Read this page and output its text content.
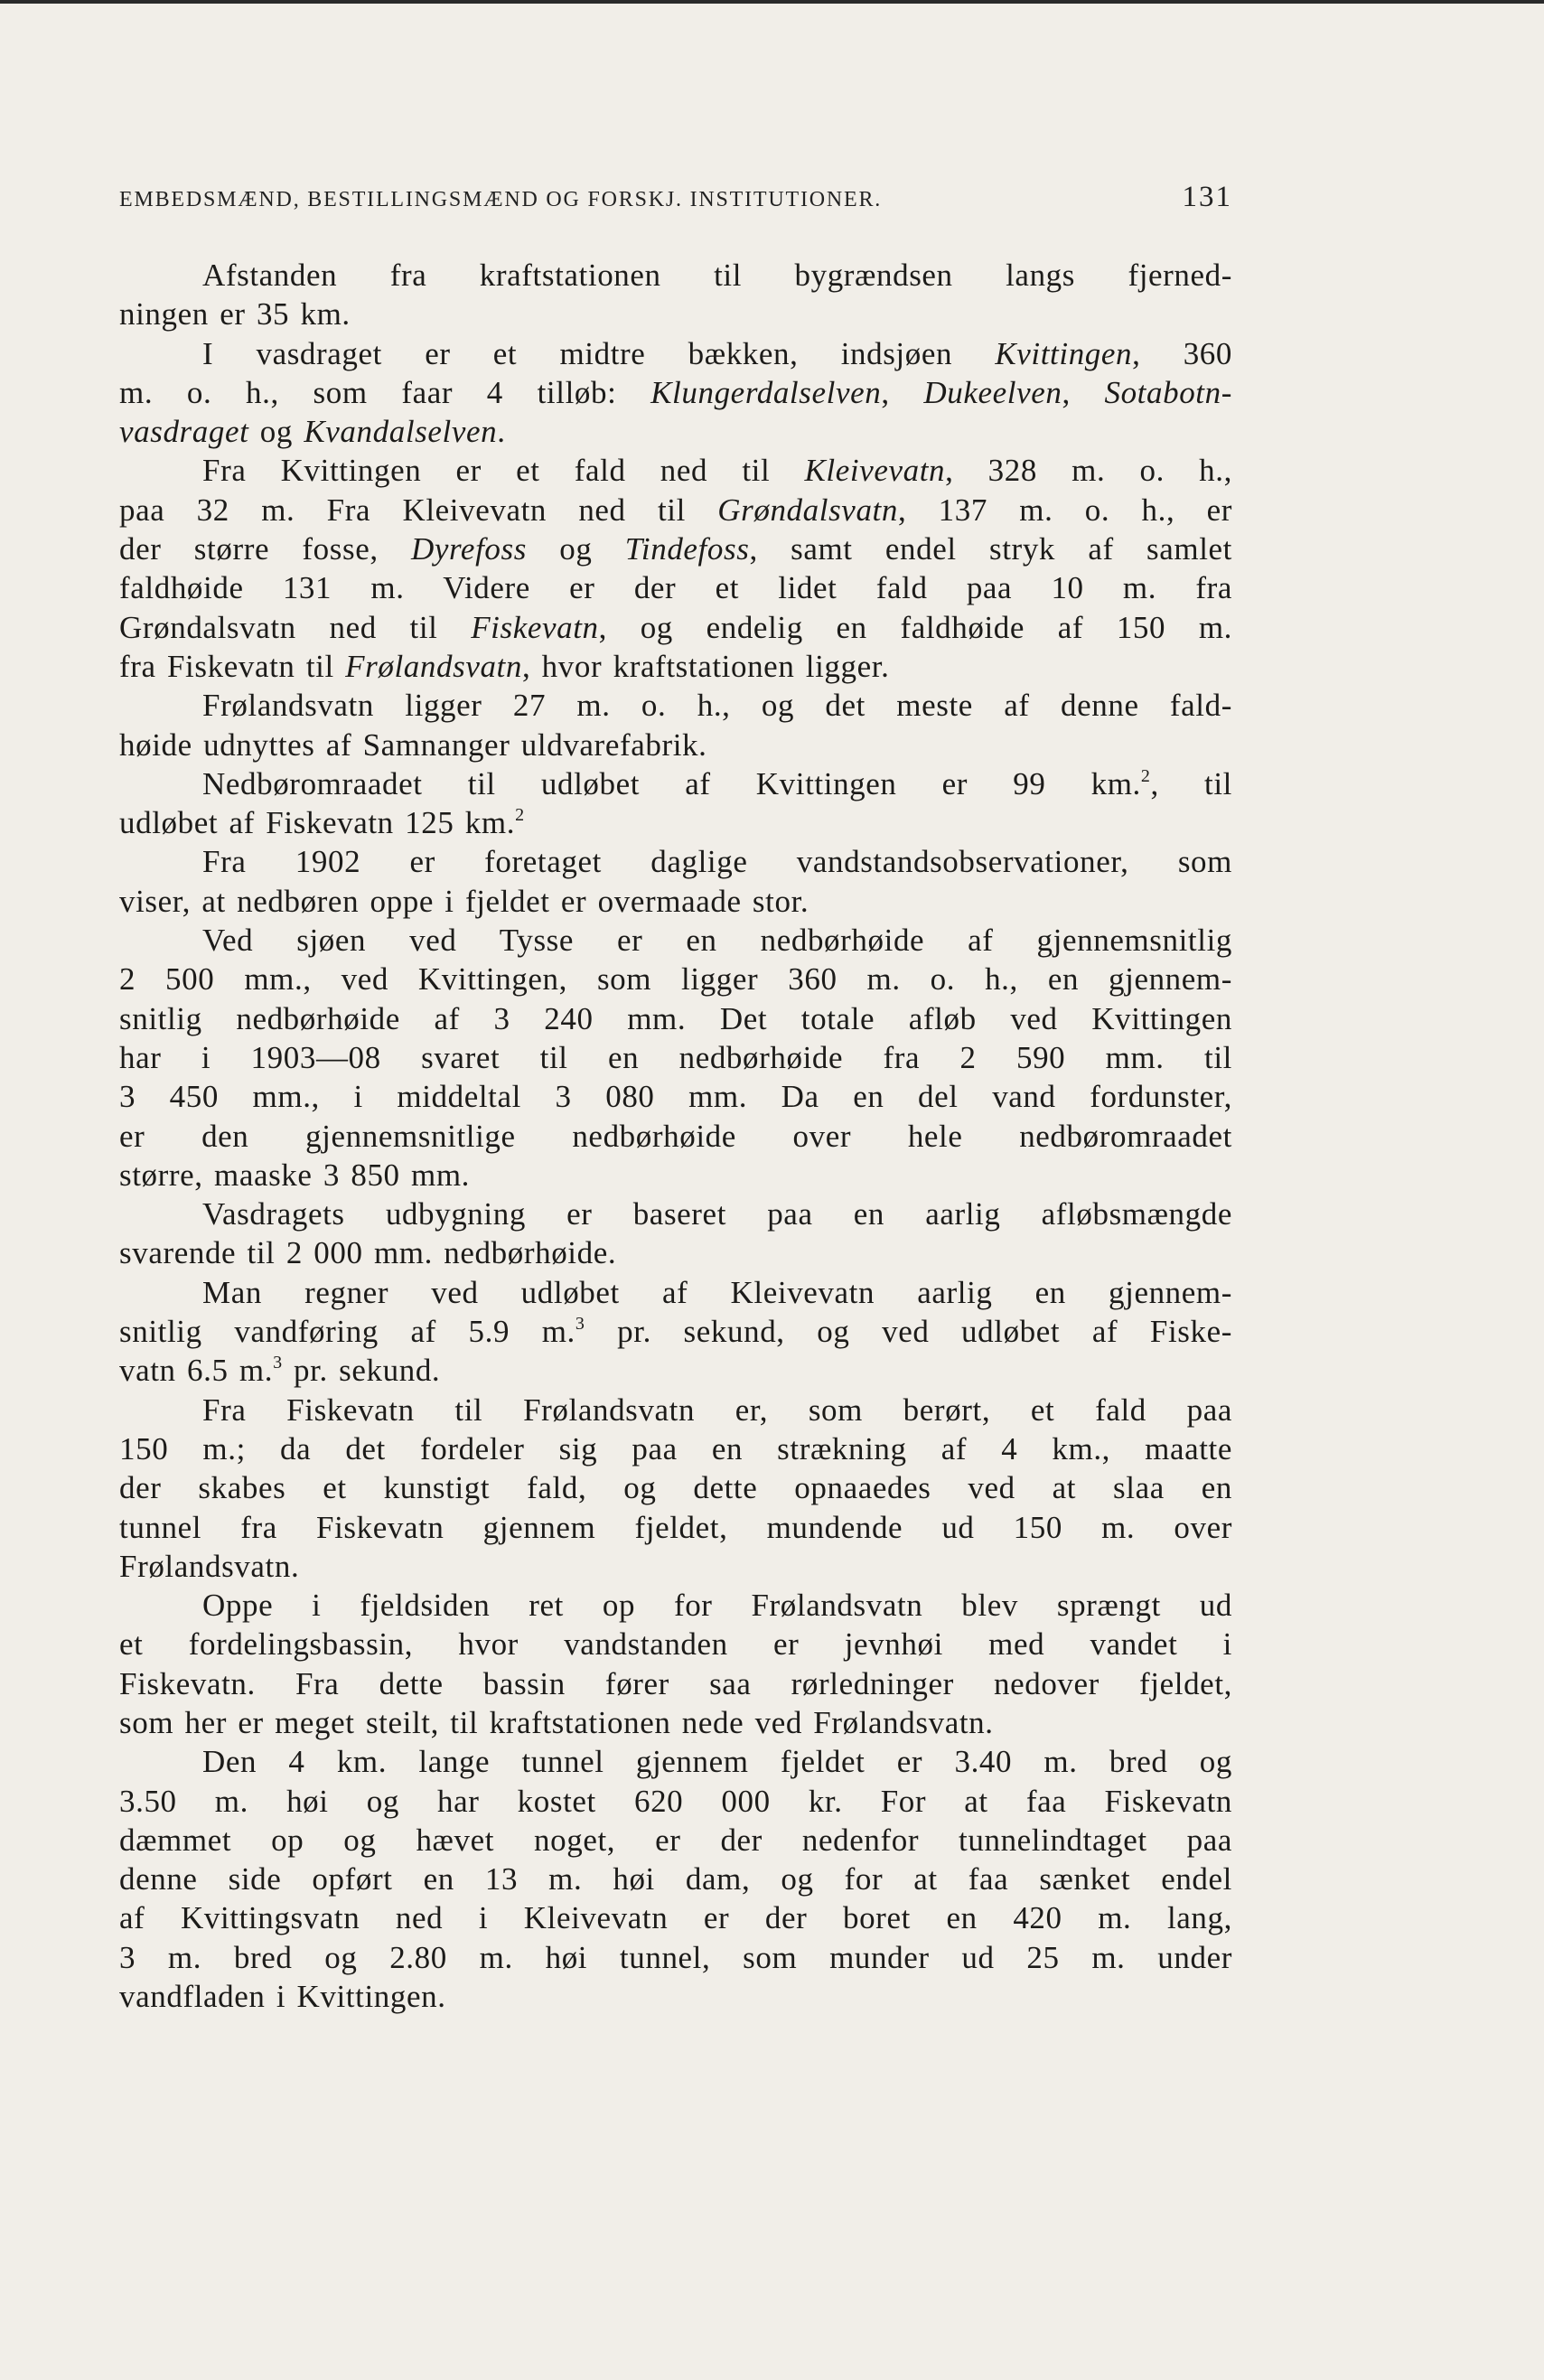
EMBEDSMÆND, BESTILLINGSMÆND OG FORSKJ. INSTITUTIONER.	131

Afstanden fra kraftstationen til bygrændsen langs fjerned-
ningen er 35 km.

I vasdraget er et midtre bækken, indsjøen Kvittingen, 360
m. o. h., som faar 4 tilløb: Klungerdalselven, Dukeelven, Sotabotn-
vasdraget og Kvandalselven.

Fra Kvittingen er et fald ned til Kleivevatn, 328 m. o. h.,
paa 32 m. Fra Kleivevatn ned til Grøndalsvatn, 137 m. o. h., er
der større fosse, Dyrefoss og Tindefoss, samt endel stryk af samlet
faldhøide 131 m. Videre er der et lidet fald paa 10 m. fra
Grøndalsvatn ned til Fiskevatn, og endelig en faldhøide af 150 m.
fra Fiskevatn til Frølandsvatn, hvor kraftstationen ligger.

Frølandsvatn ligger 27 m. o. h., og det meste af denne fald-
høide udnyttes af Samnanger uldvarefabrik.

Nedbøromraadet til udløbet af Kvittingen er 99 km.$^2$, til
udløbet af Fiskevatn 125 km.$^2$

Fra 1902 er foretaget daglige vandstandsobservationer, som
viser, at nedbøren oppe i fjeldet er overmaade stor.

Ved sjøen ved Tysse er en nedbørhøide af gjennemsnitlig
2 500 mm., ved Kvittingen, som ligger 360 m. o. h., en gjennem-
snitlig nedbørhøide af 3 240 mm. Det totale afløb ved Kvittingen
har i 1903—08 svaret til en nedbørhøide fra 2 590 mm. til
3 450 mm., i middeltal 3 080 mm. Da en del vand fordunster,
er den gjennemsnitlige nedbørhøide over hele nedbøromraadet
større, maaske 3 850 mm.

Vasdragets udbygning er baseret paa en aarlig afløbsmængde
svarende til 2 000 mm. nedbørhøide.

Man regner ved udløbet af Kleivevatn aarlig en gjennem-
snitlig vandføring af 5.9 m.$^3$ pr. sekund, og ved udløbet af Fiske-
vatn 6.5 m.$^3$ pr. sekund.

Fra Fiskevatn til Frølandsvatn er, som berørt, et fald paa
150 m.; da det fordeler sig paa en strækning af 4 km., maatte
der skabes et kunstigt fald, og dette opnaaedes ved at slaa en
tunnel fra Fiskevatn gjennem fjeldet, mundende ud 150 m. over
Frølandsvatn.

Oppe i fjeldsiden ret op for Frølandsvatn blev sprængt ud
et fordelingsbassin, hvor vandstanden er jevnhøi med vandet i
Fiskevatn. Fra dette bassin fører saa rørledninger nedover fjeldet,
som her er meget steilt, til kraftstationen nede ved Frølandsvatn.

Den 4 km. lange tunnel gjennem fjeldet er 3.40 m. bred og
3.50 m. høi og har kostet 620 000 kr. For at faa Fiskevatn
dæmmet op og hævet noget, er der nedenfor tunnelindtaget paa
denne side opført en 13 m. høi dam, og for at faa sænket endel
af Kvittingsvatn ned i Kleivevatn er der boret en 420 m. lang,
3 m. bred og 2.80 m. høi tunnel, som munder ud 25 m. under
vandfladen i Kvittingen.
